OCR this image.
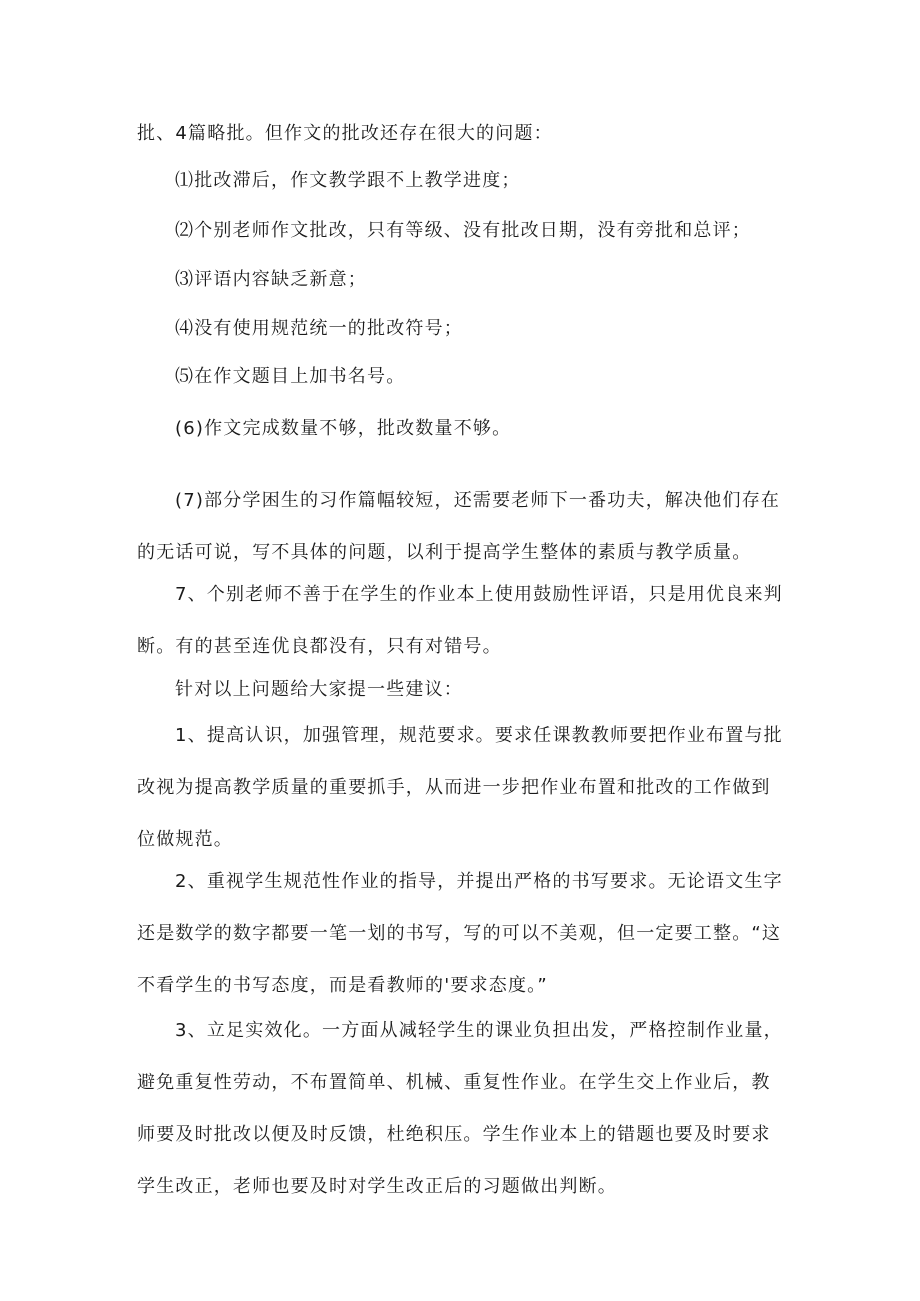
批、4篇略批。但作文的批改还存在很大的问题：
⑴批改滞后，作文教学跟不上教学进度；
⑵个别老师作文批改，只有等级、没有批改日期，没有旁批和总评；
⑶评语内容缺乏新意；
⑷没有使用规范统一的批改符号；
⑸在作文题目上加书名号。
(6)作文完成数量不够，批改数量不够。
(7)部分学困生的习作篇幅较短，还需要老师下一番功夫，解决他们存在的无话可说，写不具体的问题，以利于提高学生整体的素质与教学质量。
7、个别老师不善于在学生的作业本上使用鼓励性评语，只是用优良来判断。有的甚至连优良都没有，只有对错号。
针对以上问题给大家提一些建议：
1、提高认识，加强管理，规范要求。要求任课教教师要把作业布置与批改视为提高教学质量的重要抓手，从而进一步把作业布置和批改的工作做到位做规范。
2、重视学生规范性作业的指导，并提出严格的书写要求。无论语文生字还是数学的数字都要一笔一划的书写，写的可以不美观，但一定要工整。“这不看学生的书写态度，而是看教师的'要求态度。”
3、立足实效化。一方面从减轻学生的课业负担出发，严格控制作业量，避免重复性劳动，不布置简单、机械、重复性作业。在学生交上作业后，教师要及时批改以便及时反馈，杜绝积压。学生作业本上的错题也要及时要求学生改正，老师也要及时对学生改正后的习题做出判断。
